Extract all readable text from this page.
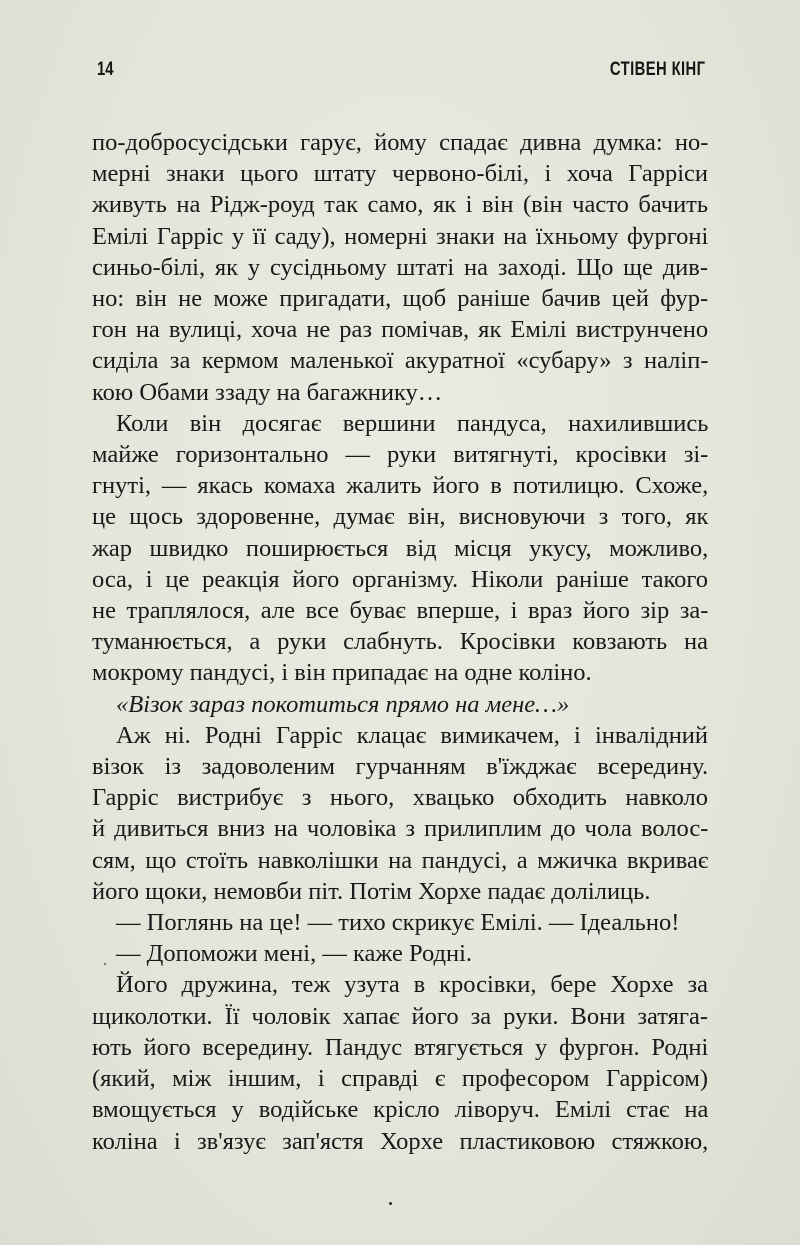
14	СТІВЕН КІНГ
по-добросусідськи гарує, йому спадає дивна думка: но-
мерні знаки цього штату червоно-білі, і хоча Гарріси
живуть на Рідж-роуд так само, як і він (він часто бачить
Емілі Гарріс у її саду), номерні знаки на їхньому фургоні
синьо-білі, як у сусідньому штаті на заході. Що ще див-
но: він не може пригадати, щоб раніше бачив цей фур-
гон на вулиці, хоча не раз помічав, як Емілі виструнчено
сиділа за кермом маленької акуратної «субару» з наліп-
кою Обами ззаду на багажнику…
Коли він досягає вершини пандуса, нахилившись
майже горизонтально — руки витягнуті, кросівки зі-
гнуті, — якась комаха жалить його в потилицю. Схоже,
це щось здоровенне, думає він, висновуючи з того, як
жар швидко поширюється від місця укусу, можливо,
оса, і це реакція його організму. Ніколи раніше такого
не траплялося, але все буває вперше, і враз його зір за-
туманюється, а руки слабнуть. Кросівки ковзають на
мокрому пандусі, і він припадає на одне коліно.
«Візок зараз покотиться прямо на мене…»
Аж ні. Родні Гарріс клацає вимикачем, і інвалідний
візок із задоволеним гурчанням в'їжджає всередину.
Гарріс вистрибує з нього, хвацько обходить навколо
й дивиться вниз на чоловіка з прилиплим до чола волос-
сям, що стоїть навколішки на пандусі, а мжичка вкриває
його щоки, немовби піт. Потім Хорхе падає долілиць.
— Поглянь на це! — тихо скрикує Емілі. — Ідеально!
— Допоможи мені, — каже Родні.
Його дружина, теж узута в кросівки, бере Хорхе за
щиколотки. Її чоловік хапає його за руки. Вони затяга-
ють його всередину. Пандус втягується у фургон. Родні
(який, між іншим, і справді є професором Гаррісом)
вмощується у водійське крісло ліворуч. Емілі стає на
коліна і зв'язує зап'ястя Хорхе пластиковою стяжкою,
